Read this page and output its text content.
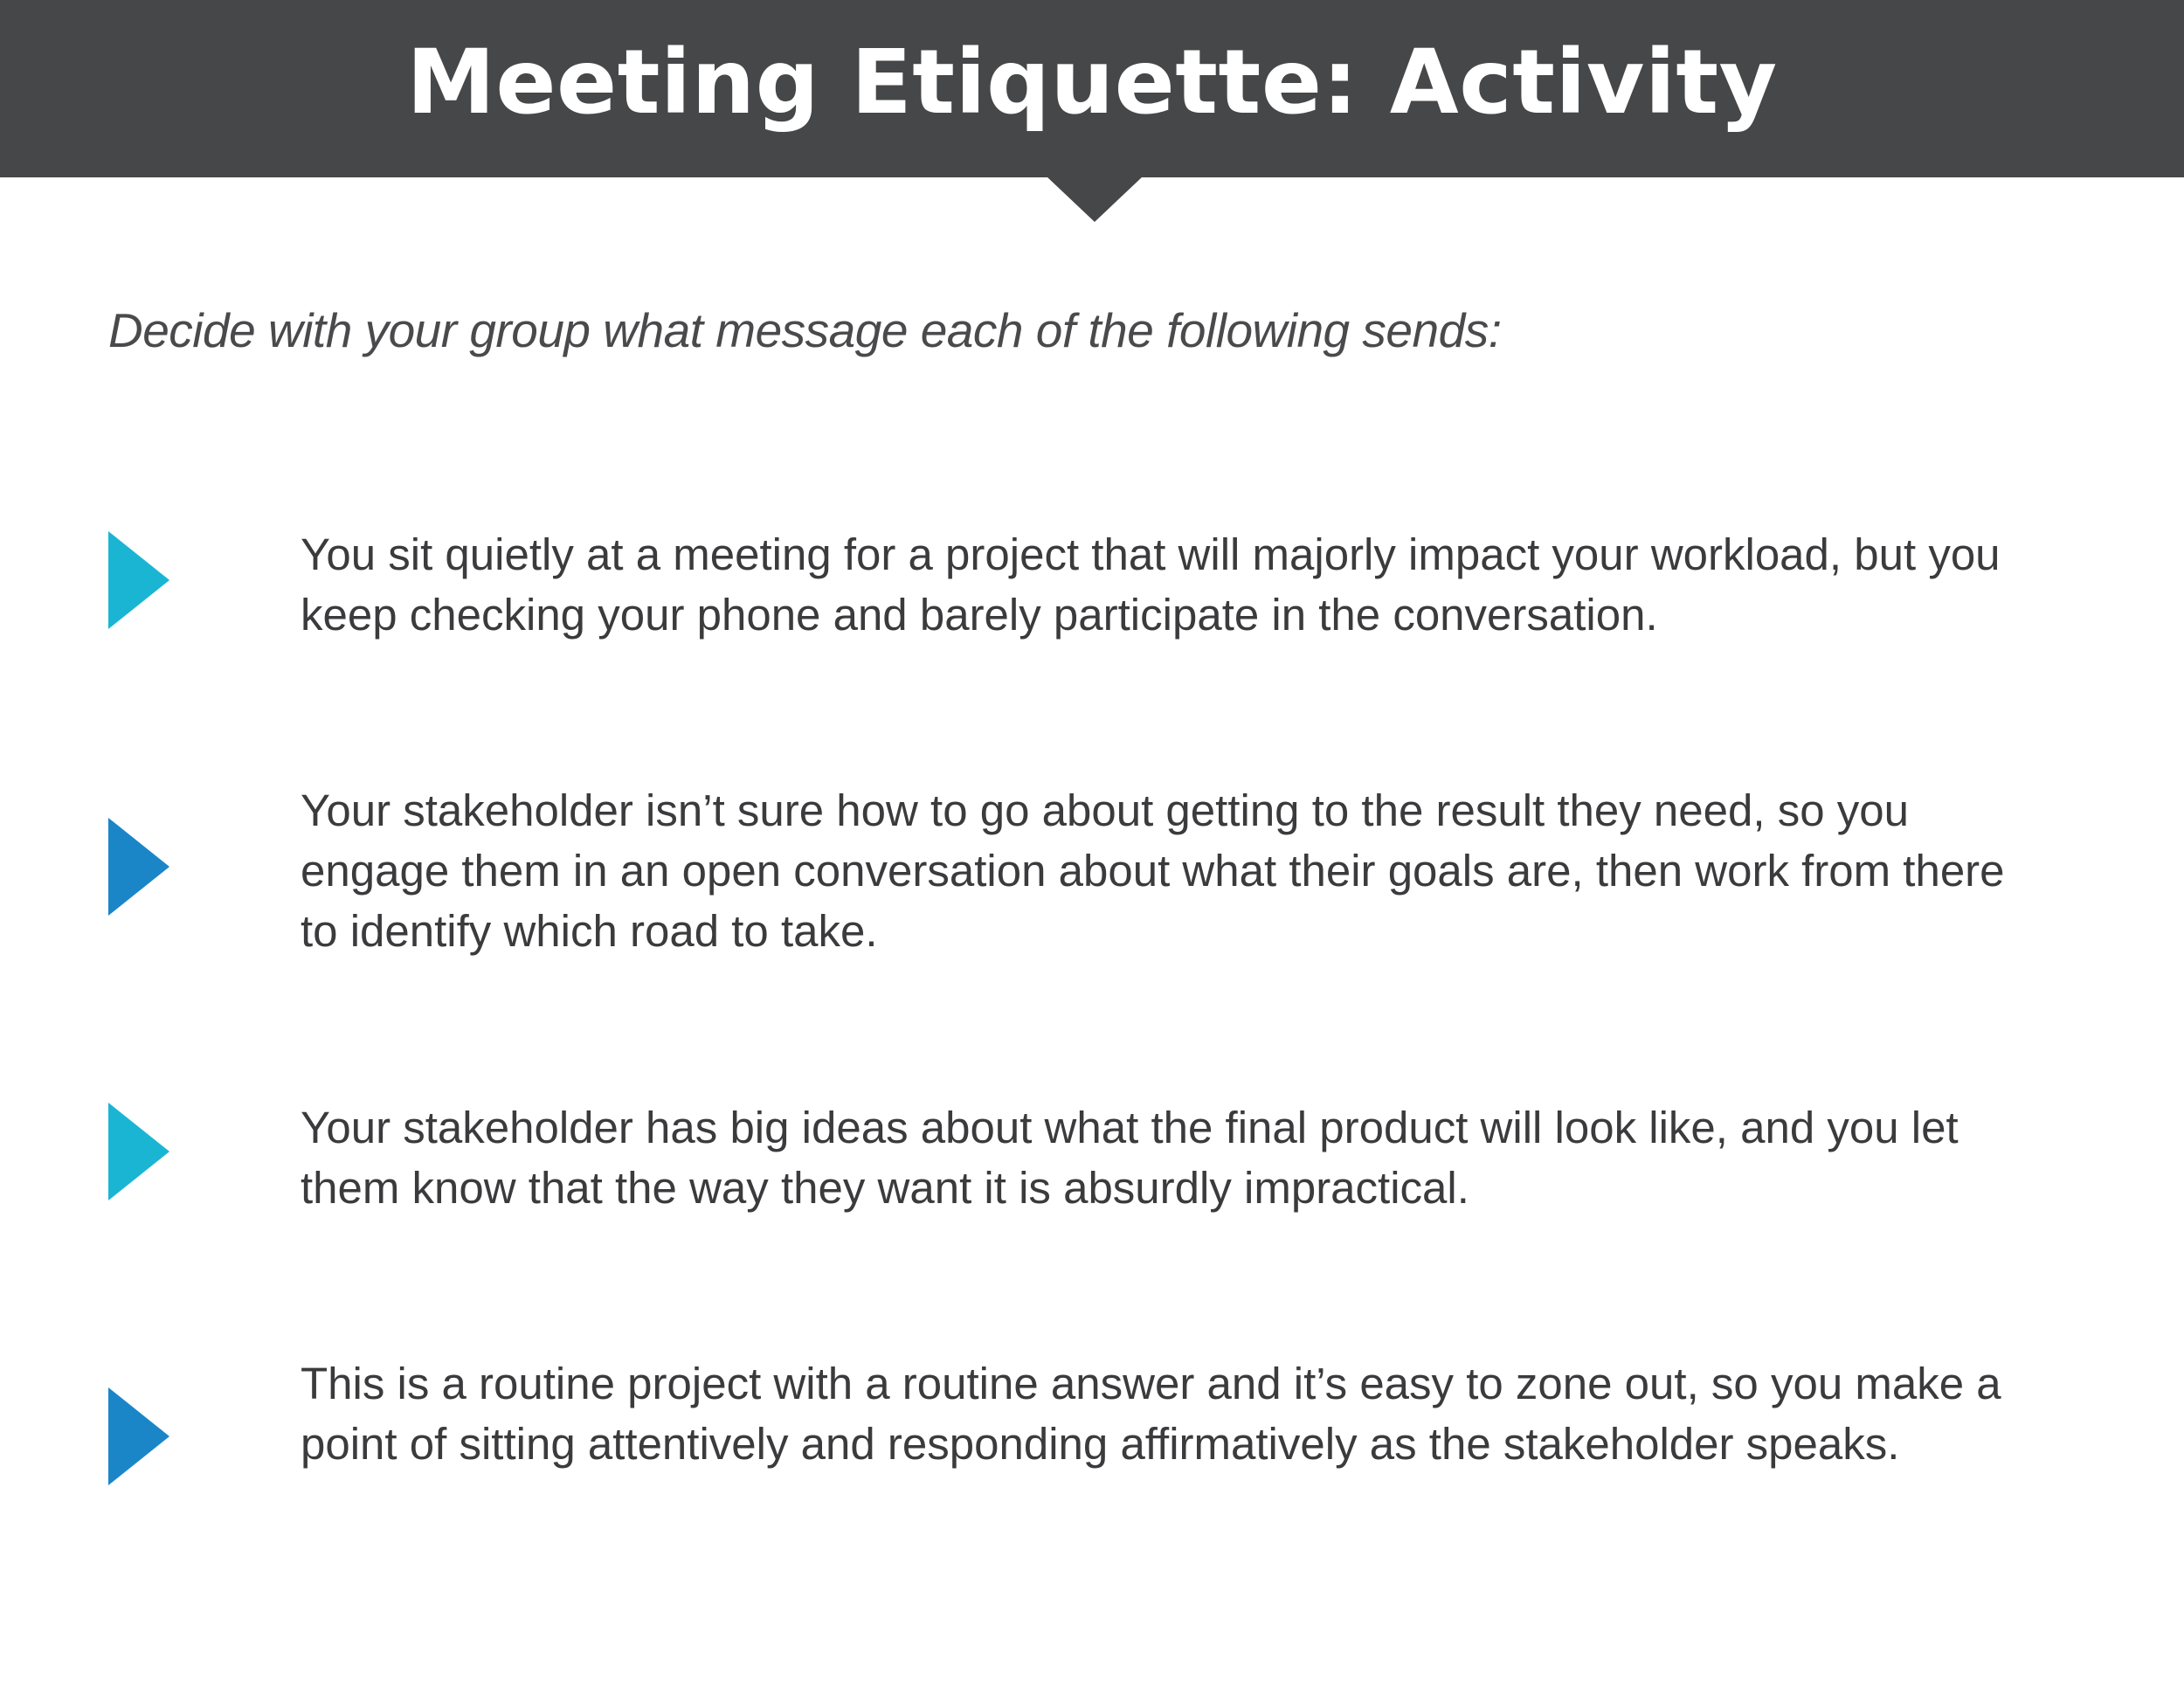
Meeting Etiquette: Activity
Decide with your group what message each of the following sends:

You sit quietly at a meeting for a project that will majorly impact your workload, but you keep checking your phone and barely participate in the conversation.

Your stakeholder isn’t sure how to go about getting to the result they need, so you engage them in an open conversation about what their goals are, then work from there to identify which road to take.

Your stakeholder has big ideas about what the final product will look like, and you let them know that the way they want it is absurdly impractical.

This is a routine project with a routine answer and it’s easy to zone out, so you make a point of sitting attentively and responding affirmatively as the stakeholder speaks.
